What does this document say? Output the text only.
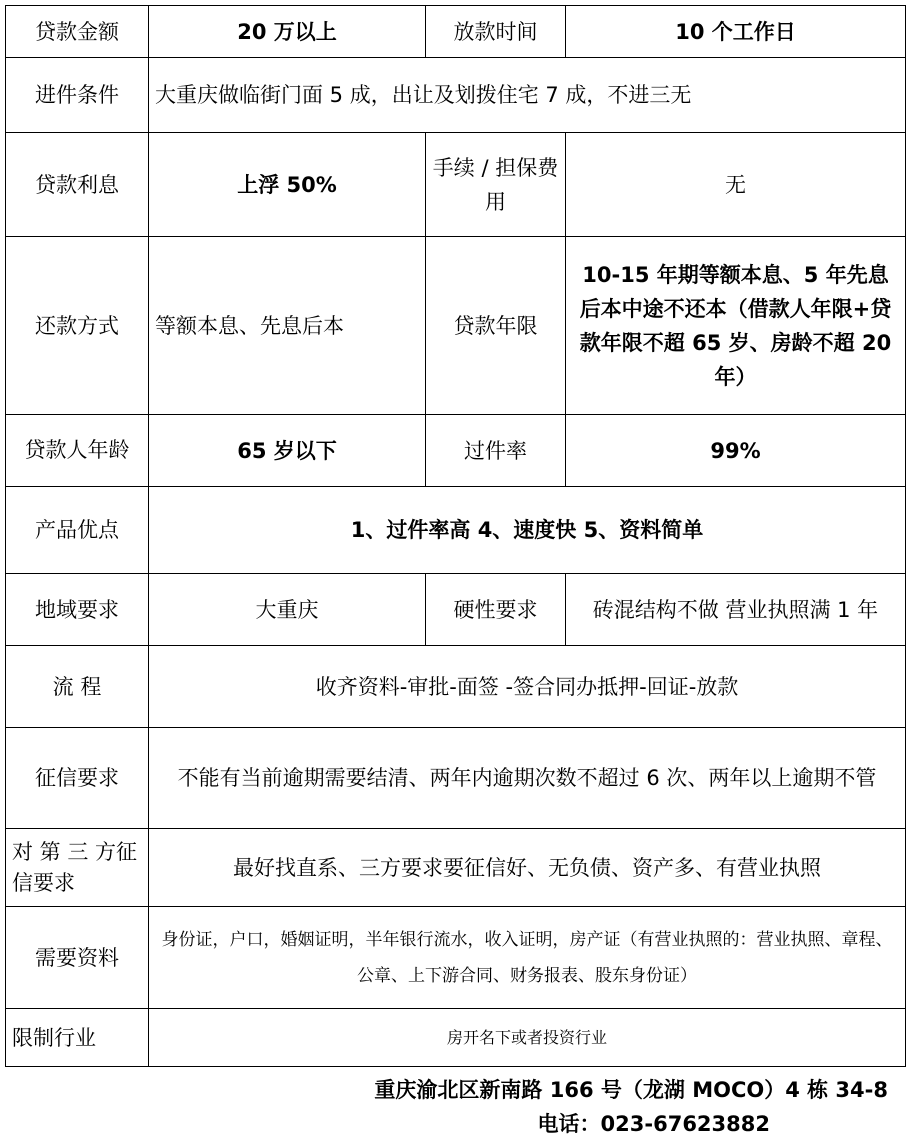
贷款金额	20 万以上	放款时间	10 个工作日
进件条件	大重庆做临街门面 5 成，出让及划拨住宅 7 成，不进三无		
贷款利息	上浮 50%	手续 / 担保费用	无
还款方式	等额本息、先息后本	贷款年限	10-15 年期等额本息、5 年先息后本中途不还本（借款人年限+贷款年限不超 65 岁、房龄不超 20 年）
贷款人年龄	65 岁以下	过件率	99%
产品优点	1、过件率高 4、速度快 5、资料简单		
地域要求	大重庆	硬性要求	砖混结构不做 营业执照满 1 年
流 程	收齐资料-审批-面签 -签合同办抵押-回证-放款		
征信要求	不能有当前逾期需要结清、两年内逾期次数不超过 6 次、两年以上逾期不管		
对 第 三 方征信要求	最好找直系、三方要求要征信好、无负债、资产多、有营业执照		
需要资料	身份证，户口，婚姻证明，半年银行流水，收入证明，房产证（有营业执照的：营业执照、章程、公章、上下游合同、财务报表、股东身份证）		
限制行业	房开名下或者投资行业		
重庆渝北区新南路 166 号（龙湖 MOCO）4 栋 34-8
电话：023-67623882
